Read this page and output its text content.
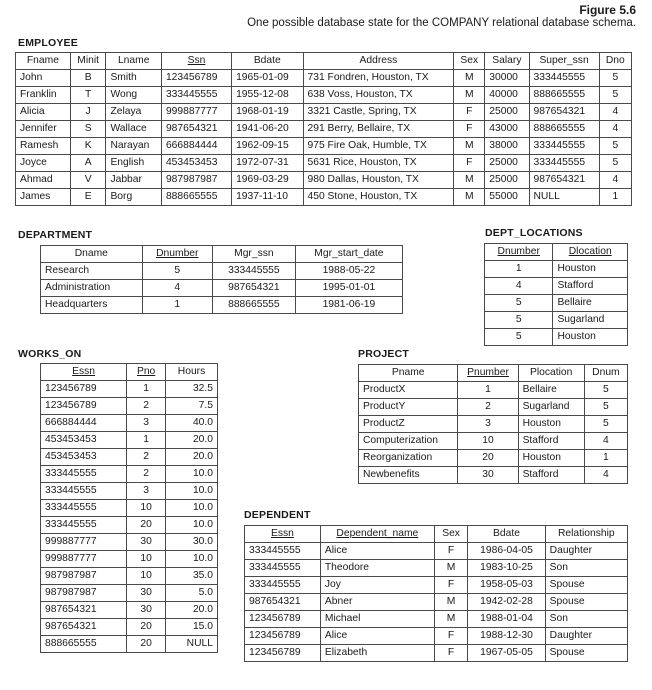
Figure 5.6
One possible database state for the COMPANY relational database schema.
EMPLOYEE
Fname	Minit	Lname	Ssn	Bdate	Address	Sex	Salary	Super_ssn	Dno
John	B	Smith	123456789	1965-01-09	731 Fondren, Houston, TX	M	30000	333445555	5
Franklin	T	Wong	333445555	1955-12-08	638 Voss, Houston, TX	M	40000	888665555	5
Alicia	J	Zelaya	999887777	1968-01-19	3321 Castle, Spring, TX	F	25000	987654321	4
Jennifer	S	Wallace	987654321	1941-06-20	291 Berry, Bellaire, TX	F	43000	888665555	4
Ramesh	K	Narayan	666884444	1962-09-15	975 Fire Oak, Humble, TX	M	38000	333445555	5
Joyce	A	English	453453453	1972-07-31	5631 Rice, Houston, TX	F	25000	333445555	5
Ahmad	V	Jabbar	987987987	1969-03-29	980 Dallas, Houston, TX	M	25000	987654321	4
James	E	Borg	888665555	1937-11-10	450 Stone, Houston, TX	M	55000	NULL	1
DEPARTMENT
Dname	Dnumber	Mgr_ssn	Mgr_start_date
Research	5	333445555	1988-05-22
Administration	4	987654321	1995-01-01
Headquarters	1	888665555	1981-06-19
DEPT_LOCATIONS
Dnumber	Dlocation
1	Houston
4	Stafford
5	Bellaire
5	Sugarland
5	Houston
WORKS_ON
Essn	Pno	Hours
123456789	1	32.5
123456789	2	7.5
666884444	3	40.0
453453453	1	20.0
453453453	2	20.0
333445555	2	10.0
333445555	3	10.0
333445555	10	10.0
333445555	20	10.0
999887777	30	30.0
999887777	10	10.0
987987987	10	35.0
987987987	30	5.0
987654321	30	20.0
987654321	20	15.0
888665555	20	NULL
PROJECT
Pname	Pnumber	Plocation	Dnum
ProductX	1	Bellaire	5
ProductY	2	Sugarland	5
ProductZ	3	Houston	5
Computerization	10	Stafford	4
Reorganization	20	Houston	1
Newbenefits	30	Stafford	4
DEPENDENT
Essn	Dependent_name	Sex	Bdate	Relationship
333445555	Alice	F	1986-04-05	Daughter
333445555	Theodore	M	1983-10-25	Son
333445555	Joy	F	1958-05-03	Spouse
987654321	Abner	M	1942-02-28	Spouse
123456789	Michael	M	1988-01-04	Son
123456789	Alice	F	1988-12-30	Daughter
123456789	Elizabeth	F	1967-05-05	Spouse
